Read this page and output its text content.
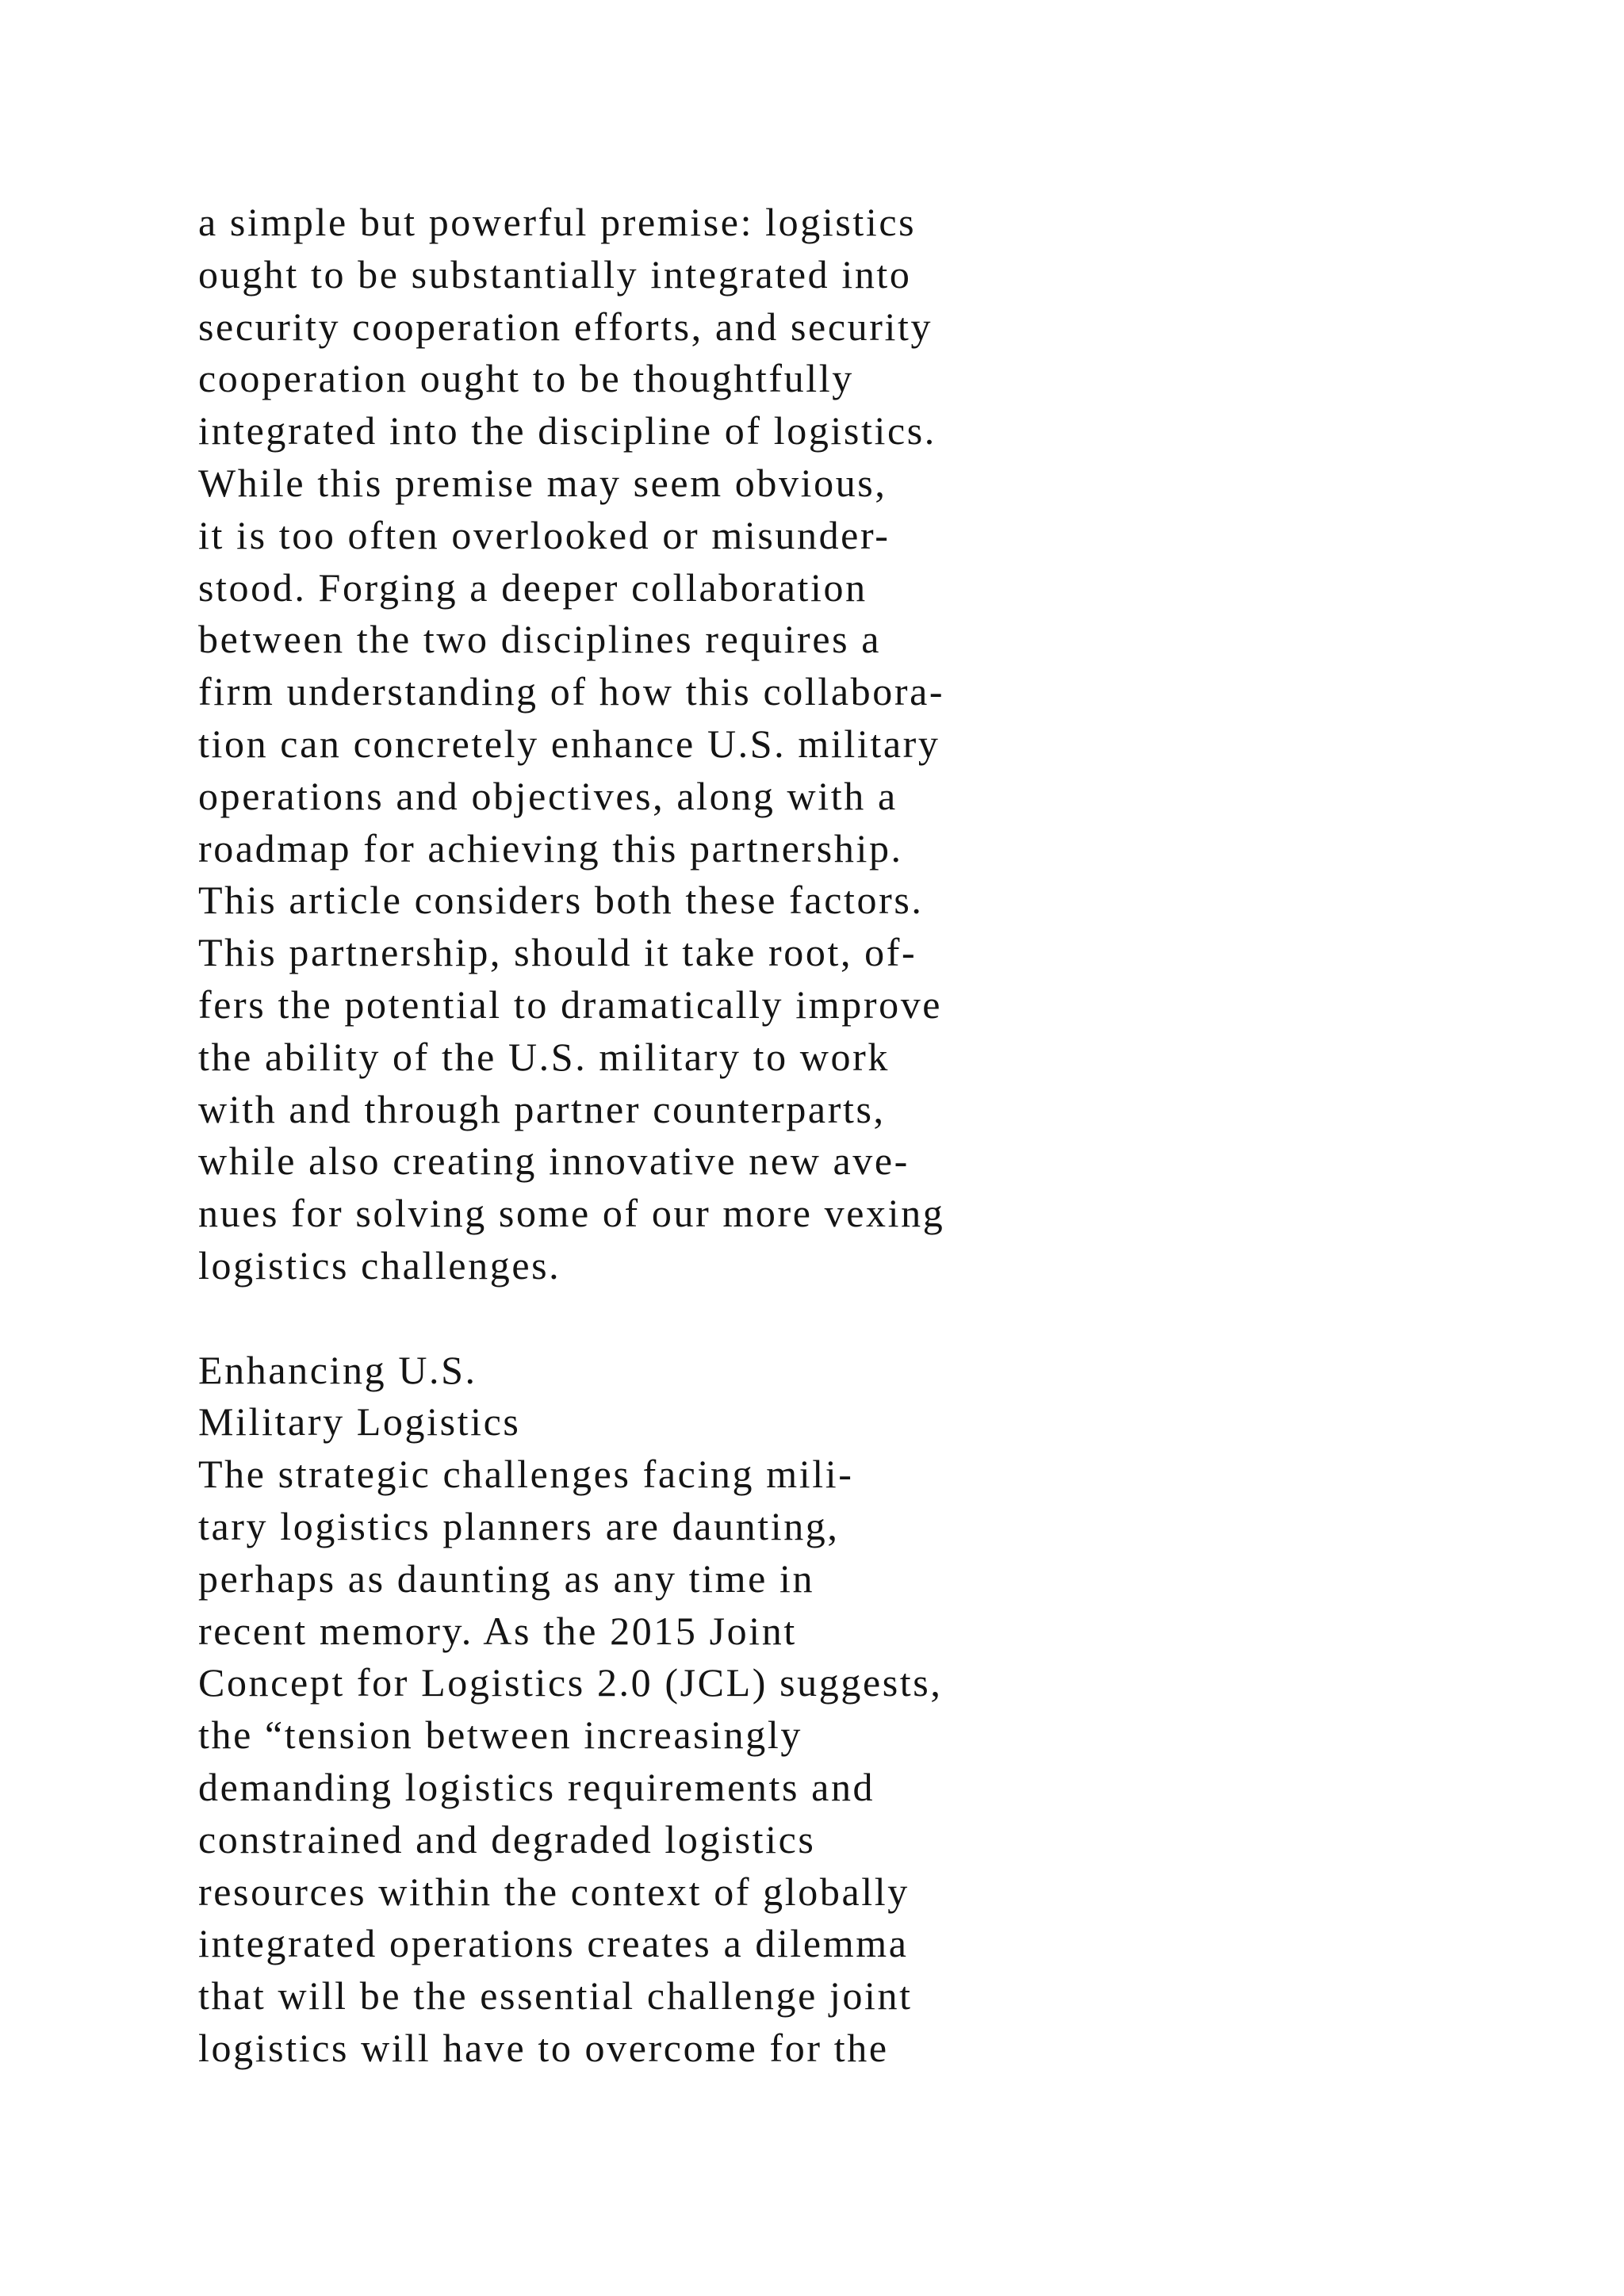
a simple but powerful premise: logistics
ought to be substantially integrated into
security cooperation efforts, and security
cooperation ought to be thoughtfully
integrated into the discipline of logistics.
While this premise may seem obvious,
it is too often overlooked or misunder-
stood. Forging a deeper collaboration
between the two disciplines requires a
firm understanding of how this collabora-
tion can concretely enhance U.S. military
operations and objectives, along with a
roadmap for achieving this partnership.
This article considers both these factors.
This partnership, should it take root, of-
fers the potential to dramatically improve
the ability of the U.S. military to work
with and through partner counterparts,
while also creating innovative new ave-
nues for solving some of our more vexing
logistics challenges.
Enhancing U.S.
Military Logistics
The strategic challenges facing mili-
tary logistics planners are daunting,
perhaps as daunting as any time in
recent memory. As the 2015 Joint
Concept for Logistics 2.0 (JCL) suggests,
the “tension between increasingly
demanding logistics requirements and
constrained and degraded logistics
resources within the context of globally
integrated operations creates a dilemma
that will be the essential challenge joint
logistics will have to overcome for the
